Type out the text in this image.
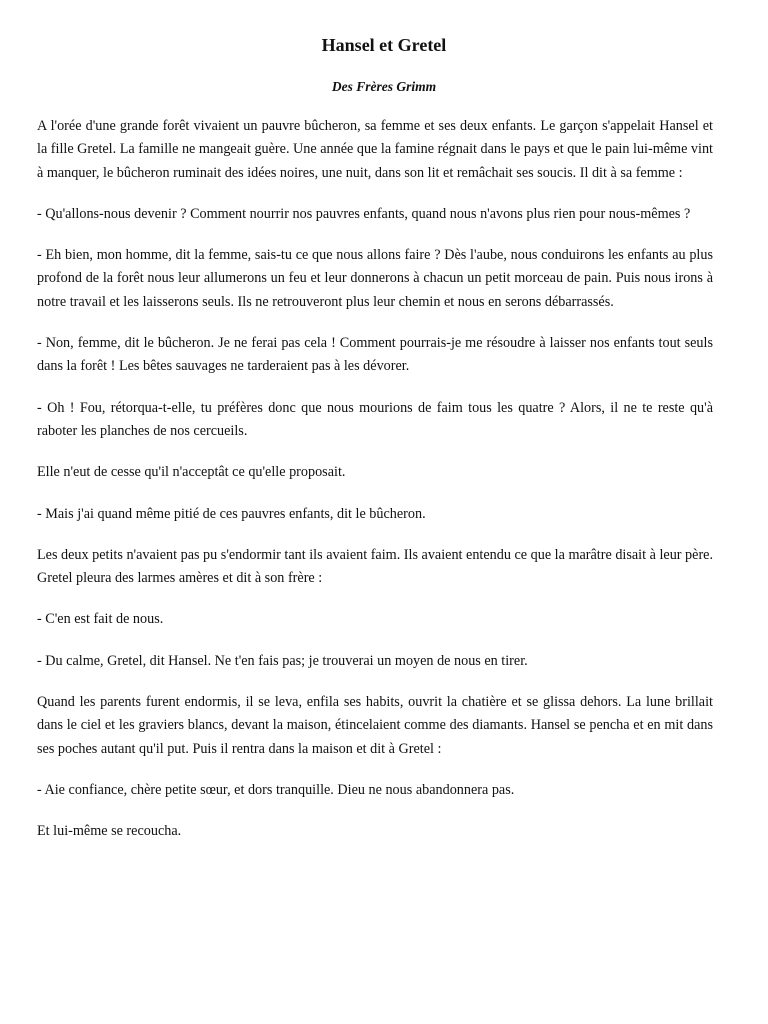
Hansel et Gretel
Des Frères Grimm

A l'orée d'une grande forêt vivaient un pauvre bûcheron, sa femme et ses deux enfants. Le garçon s'appelait Hansel et la fille Gretel. La famille ne mangeait guère. Une année que la famine régnait dans le pays et que le pain lui-même vint à manquer, le bûcheron ruminait des idées noires, une nuit, dans son lit et remâchait ses soucis. Il dit à sa femme :

- Qu'allons-nous devenir ? Comment nourrir nos pauvres enfants, quand nous n'avons plus rien pour nous-mêmes ?

- Eh bien, mon homme, dit la femme, sais-tu ce que nous allons faire ? Dès l'aube, nous conduirons les enfants au plus profond de la forêt nous leur allumerons un feu et leur donnerons à chacun un petit morceau de pain. Puis nous irons à notre travail et les laisserons seuls. Ils ne retrouveront plus leur chemin et nous en serons débarrassés.

- Non, femme, dit le bûcheron. Je ne ferai pas cela ! Comment pourrais-je me résoudre à laisser nos enfants tout seuls dans la forêt ! Les bêtes sauvages ne tarderaient pas à les dévorer.

- Oh ! Fou, rétorqua-t-elle, tu préfères donc que nous mourions de faim tous les quatre ? Alors, il ne te reste qu'à raboter les planches de nos cercueils.

Elle n'eut de cesse qu'il n'acceptât ce qu'elle proposait.

- Mais j'ai quand même pitié de ces pauvres enfants, dit le bûcheron.

Les deux petits n'avaient pas pu s'endormir tant ils avaient faim. Ils avaient entendu ce que la marâtre disait à leur père. Gretel pleura des larmes amères et dit à son frère :

- C'en est fait de nous.

- Du calme, Gretel, dit Hansel. Ne t'en fais pas; je trouverai un moyen de nous en tirer.

Quand les parents furent endormis, il se leva, enfila ses habits, ouvrit la chatière et se glissa dehors. La lune brillait dans le ciel et les graviers blancs, devant la maison, étincelaient comme des diamants. Hansel se pencha et en mit dans ses poches autant qu'il put. Puis il rentra dans la maison et dit à Gretel :

- Aie confiance, chère petite sœur, et dors tranquille. Dieu ne nous abandonnera pas.

Et lui-même se recoucha.
